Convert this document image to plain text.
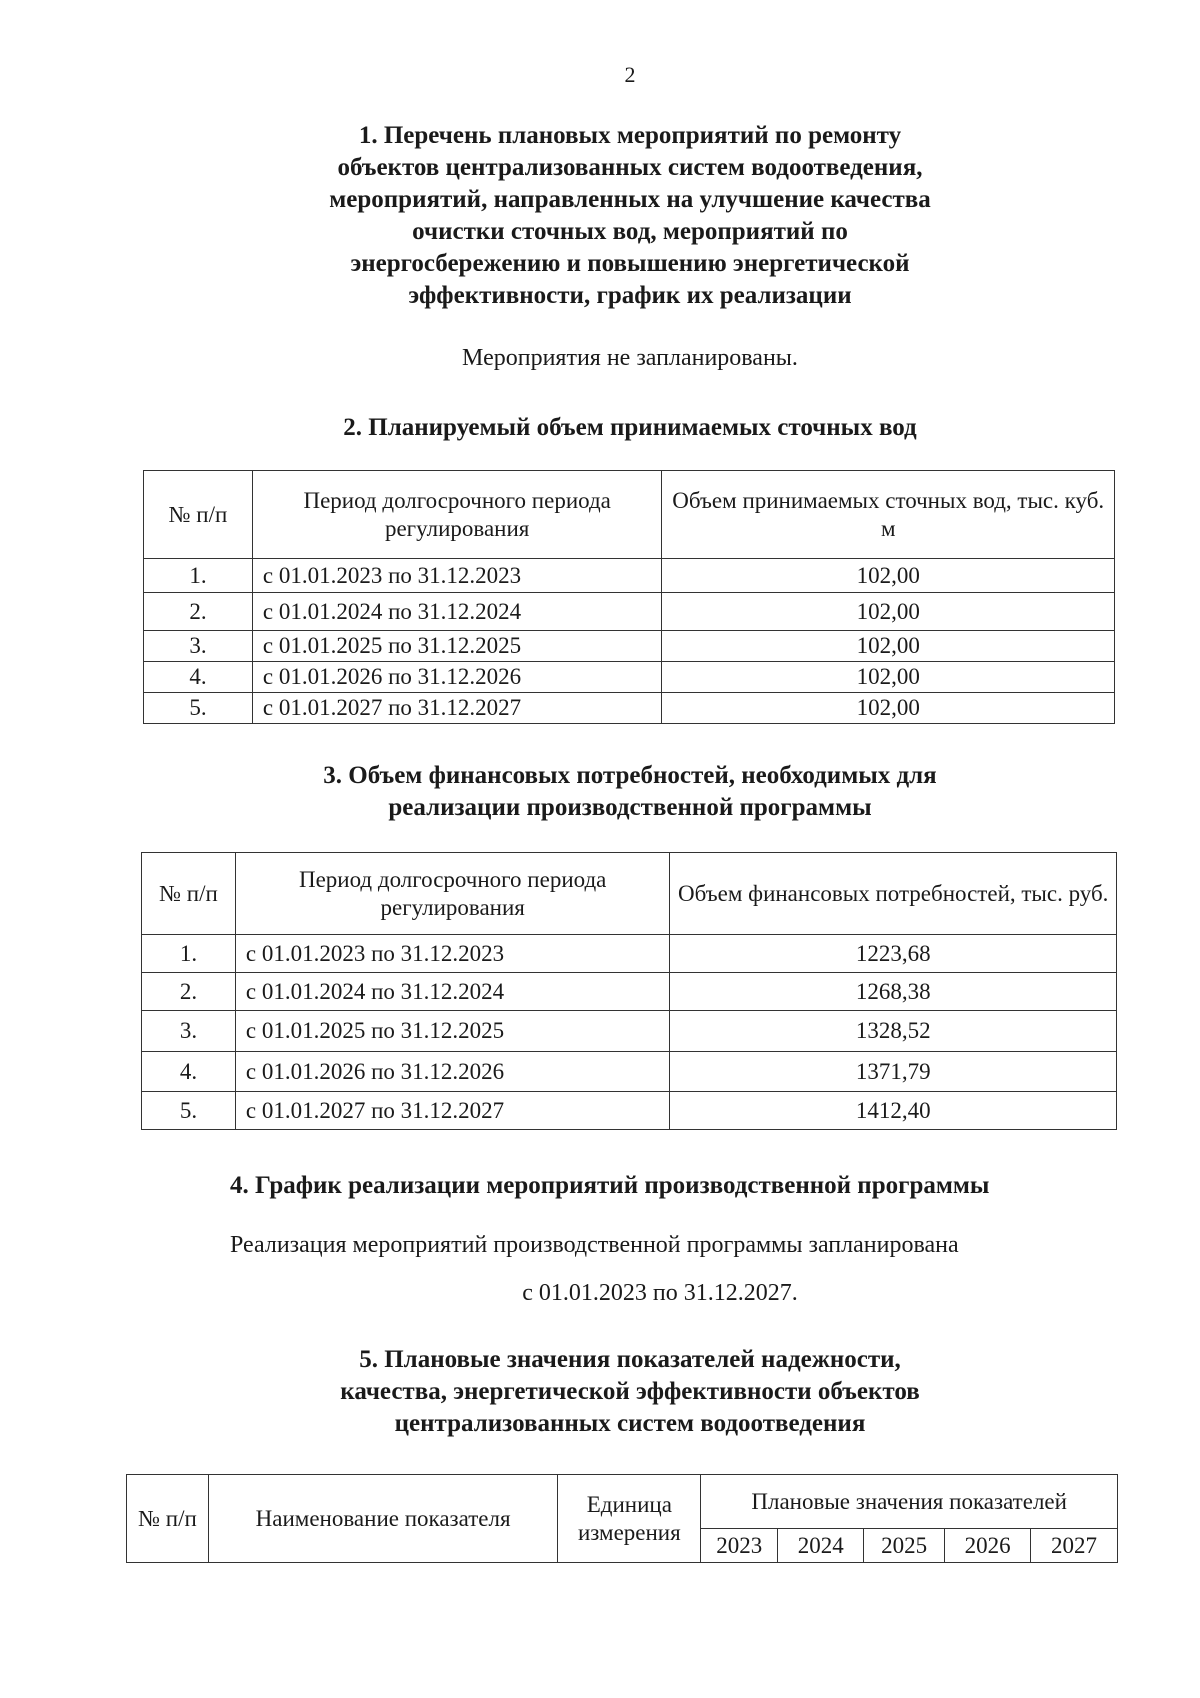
2

1. Перечень плановых мероприятий по ремонту

объектов централизованных систем водоотведения,

мероприятий, направленных на улучшение качества

очистки сточных вод, мероприятий по

энергосбережению и повышению энергетической

эффективности, график их реализации

Мероприятия не запланированы.

2. Планируемый объем принимаемых сточных вод

№ п/п	Период долгосрочного периода регулирования	Объем принимаемых сточных вод, тыс. куб. м
1.	с 01.01.2023 по 31.12.2023	102,00
2.	с 01.01.2024 по 31.12.2024	102,00
3.	с 01.01.2025 по 31.12.2025	102,00
4.	с 01.01.2026 по 31.12.2026	102,00
5.	с 01.01.2027 по 31.12.2027	102,00

3. Объем финансовых потребностей, необходимых для

реализации производственной программы

№ п/п	Период долгосрочного периода регулирования	Объем финансовых потребностей, тыс. руб.
1.	с 01.01.2023 по 31.12.2023	1223,68
2.	с 01.01.2024 по 31.12.2024	1268,38
3.	с 01.01.2025 по 31.12.2025	1328,52
4.	с 01.01.2026 по 31.12.2026	1371,79
5.	с 01.01.2027 по 31.12.2027	1412,40

4. График реализации мероприятий производственной программы

Реализация мероприятий производственной программы запланирована

с 01.01.2023 по 31.12.2027.

5. Плановые значения показателей надежности,

качества, энергетической эффективности объектов

централизованных систем водоотведения

№ п/п	Наименование показателя	Единица измерения	Плановые значения показателей				
			2023	2024	2025	2026	2027
